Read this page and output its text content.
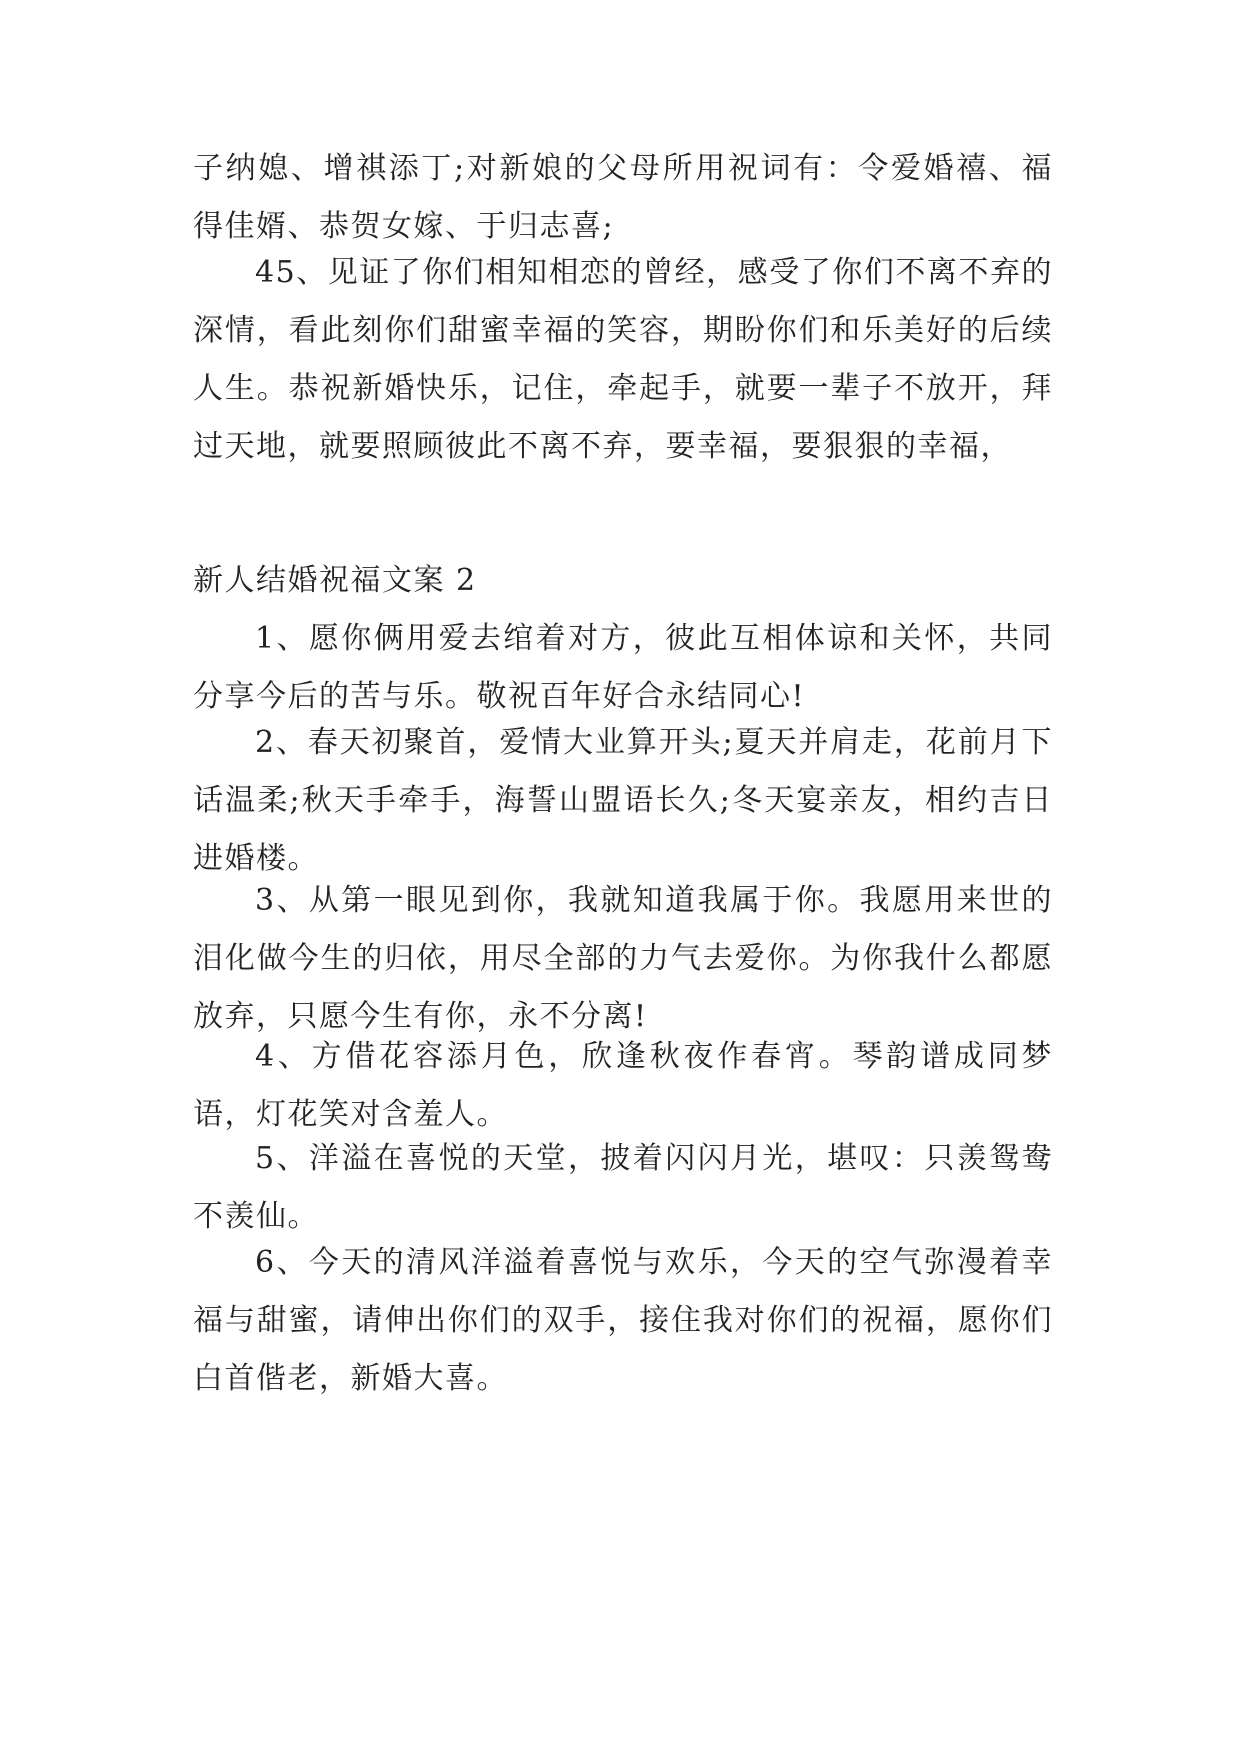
子纳媳、增祺添丁;对新娘的父母所用祝词有：令爱婚禧、福得佳婿、恭贺女嫁、于归志喜;

45、见证了你们相知相恋的曾经，感受了你们不离不弃的深情，看此刻你们甜蜜幸福的笑容，期盼你们和乐美好的后续人生。恭祝新婚快乐，记住，牵起手，就要一辈子不放开，拜过天地，就要照顾彼此不离不弃，要幸福，要狠狠的幸福，

新人结婚祝福文案 2

1、愿你俩用爱去绾着对方，彼此互相体谅和关怀，共同分享今后的苦与乐。敬祝百年好合永结同心!

2、春天初聚首，爱情大业算开头;夏天并肩走，花前月下话温柔;秋天手牵手，海誓山盟语长久;冬天宴亲友，相约吉日进婚楼。

3、从第一眼见到你，我就知道我属于你。我愿用来世的泪化做今生的归依，用尽全部的力气去爱你。为你我什么都愿放弃，只愿今生有你，永不分离!

4、方借花容添月色，欣逢秋夜作春宵。琴韵谱成同梦语，灯花笑对含羞人。

5、洋溢在喜悦的天堂，披着闪闪月光，堪叹：只羡鸳鸯不羡仙。

6、今天的清风洋溢着喜悦与欢乐，今天的空气弥漫着幸福与甜蜜，请伸出你们的双手，接住我对你们的祝福，愿你们白首偕老，新婚大喜。
